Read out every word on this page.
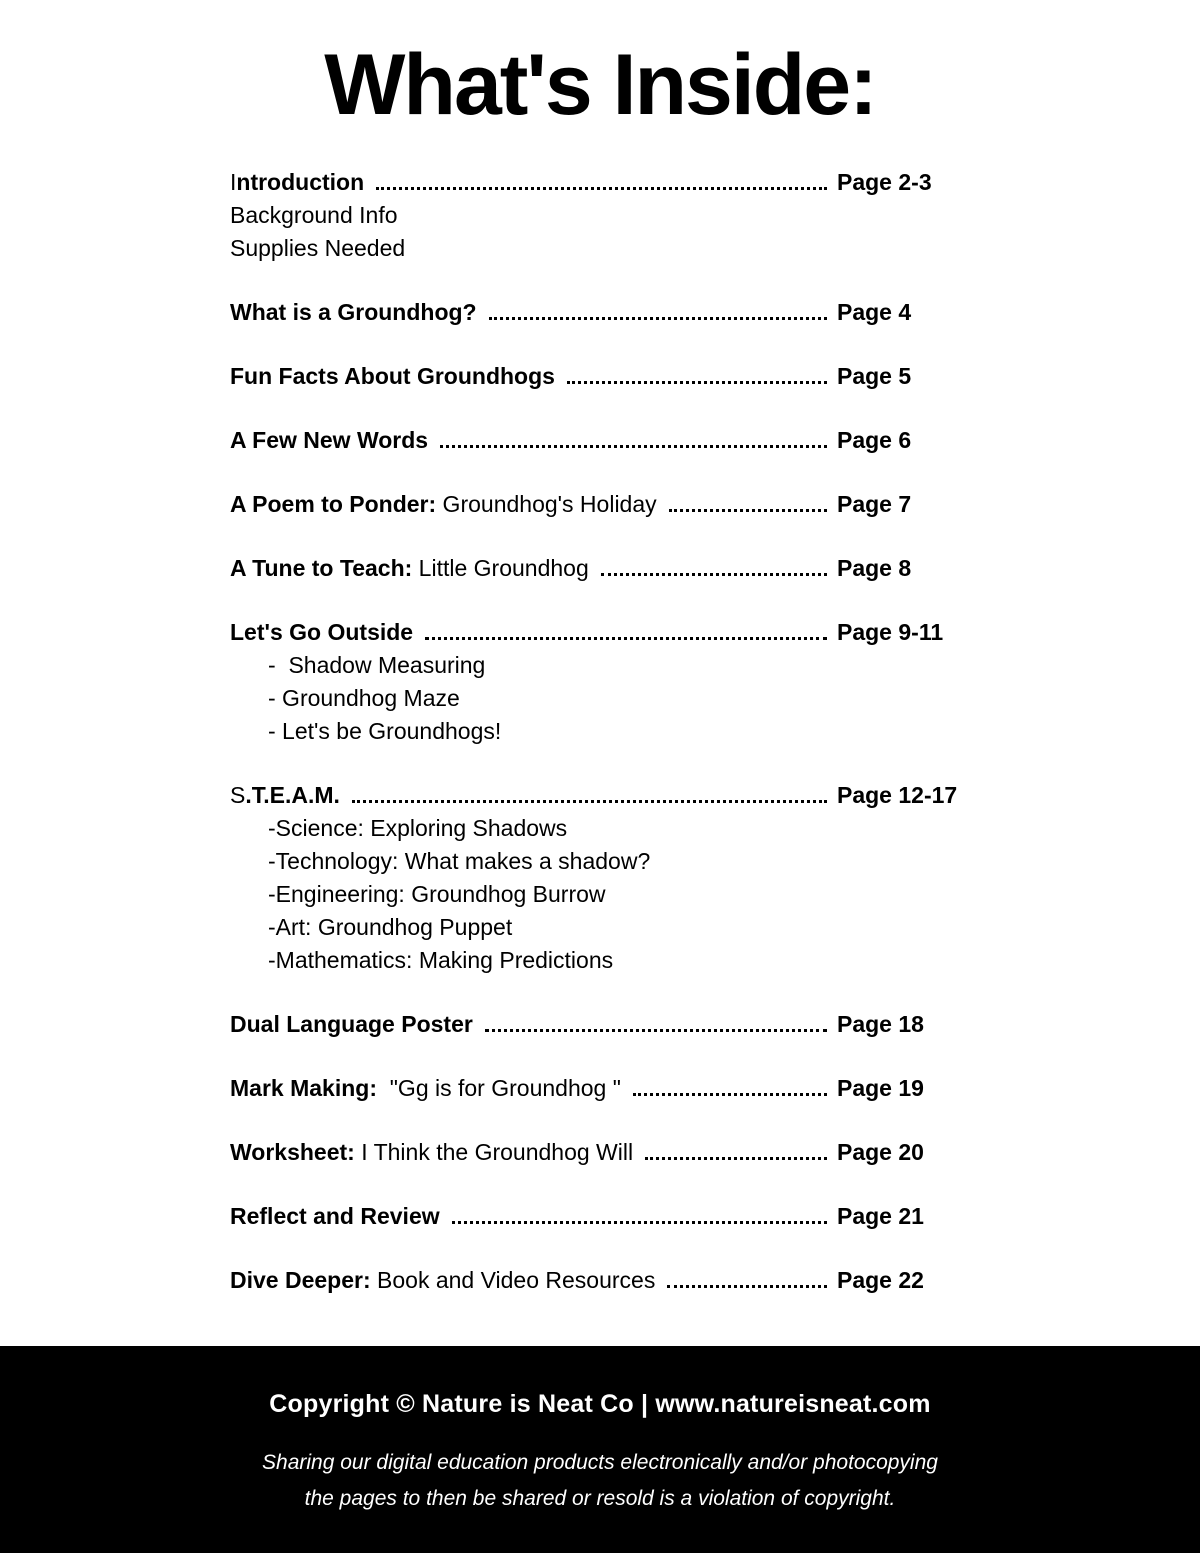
What's Inside:
Introduction	Page 2-3
Background Info
Supplies Needed
What is a Groundhog?	Page 4
Fun Facts About Groundhogs	Page 5
A Few New Words	Page 6
A Poem to Ponder: Groundhog's Holiday	Page 7
A Tune to Teach: Little Groundhog	Page 8
Let's Go Outside	Page 9-11
-  Shadow Measuring
- Groundhog Maze
- Let's be Groundhogs!
S.T.E.A.M.	Page 12-17
-Science: Exploring Shadows
-Technology: What makes a shadow?
-Engineering: Groundhog Burrow
-Art: Groundhog Puppet
-Mathematics: Making Predictions
Dual Language Poster	Page 18
Mark Making:  "Gg is for Groundhog "	Page 19
Worksheet: I Think the Groundhog Will	Page 20
Reflect and Review	Page 21
Dive Deeper: Book and Video Resources	Page 22

Copyright © Nature is Neat Co | www.natureisneat.com

Sharing our digital education products electronically and/or photocopying

the pages to then be shared or resold is a violation of copyright.
